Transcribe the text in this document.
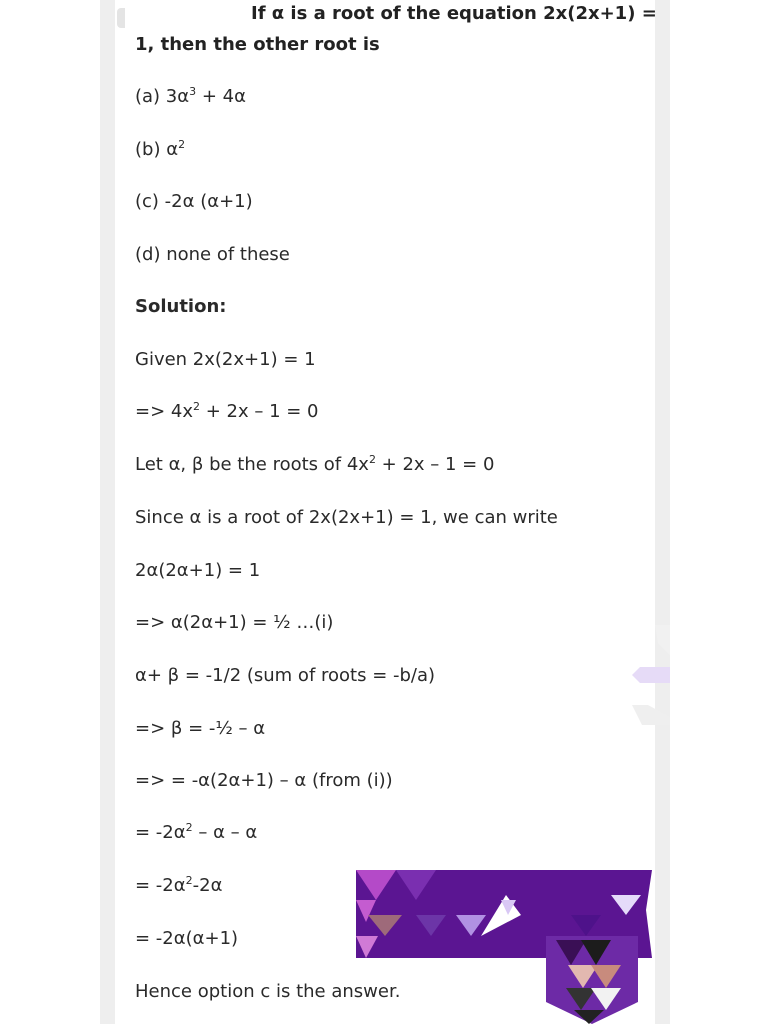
If α is a root of the equation 2x(2x+1) =
1, then the other root is
(a) $3\alpha^3 + 4\alpha$
(b) $\alpha^2$
(c) -2α (α+1)
(d) none of these
Solution:
Given 2x(2x+1) = 1
=> $4x^2 + 2x - 1 = 0$
Let α, β be the roots of $4x^2 + 2x - 1 = 0$
Since α is a root of 2x(2x+1) = 1, we can write
2α(2α+1) = 1
=> α(2α+1) = ½ …(i)
α+ β = -1/2 (sum of roots = -b/a)
=> β = -½ – α
=> = -α(2α+1) – α (from (i))
= $-2\alpha^2$ – α – α
= $-2\alpha^2-2\alpha$
= -2α(α+1)
Hence option c is the answer.
